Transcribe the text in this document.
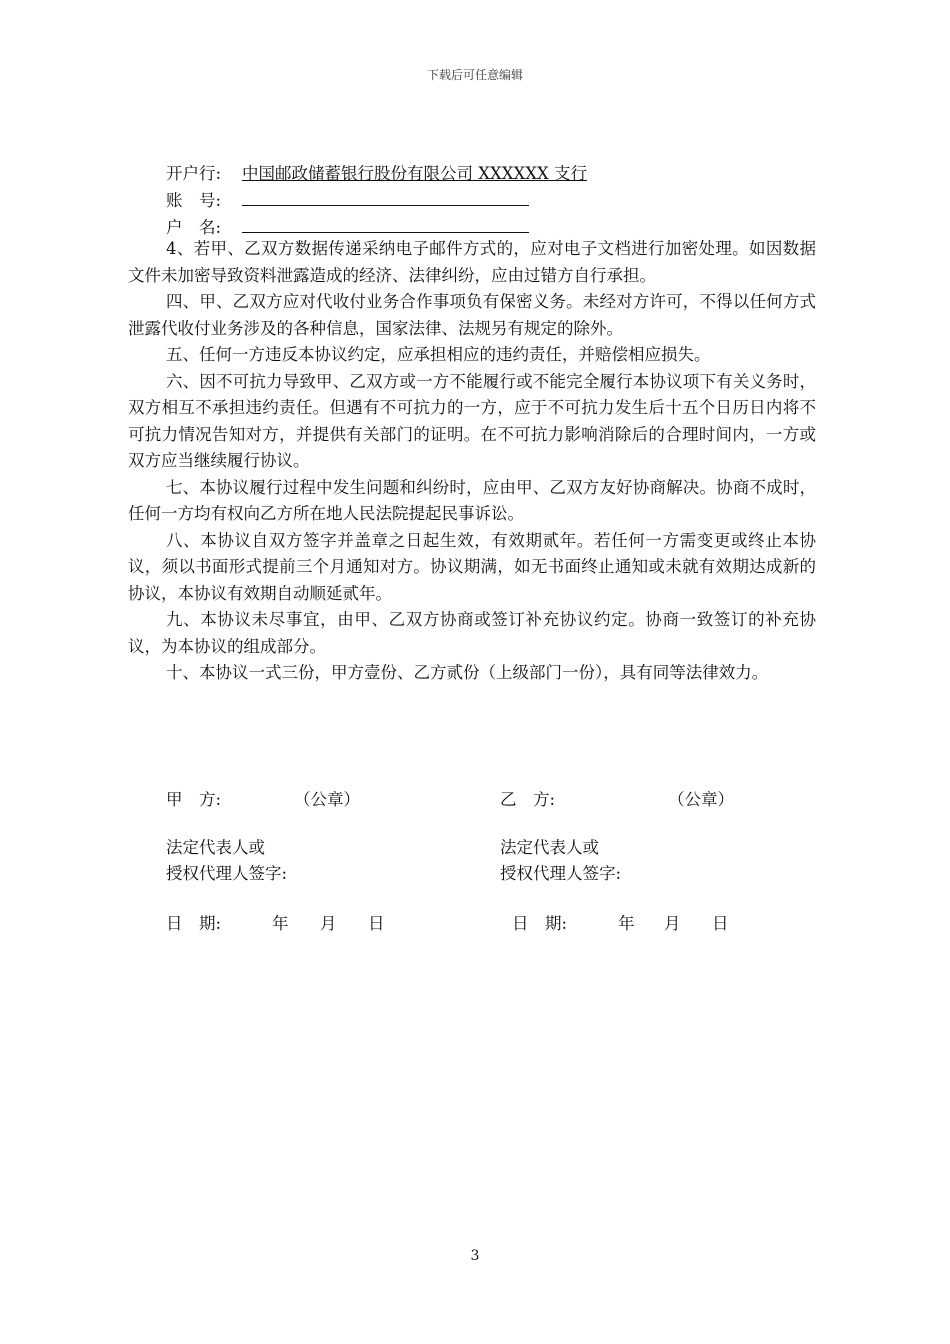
下载后可任意编辑
开户行: 中国邮政储蓄银行股份有限公司 XXXXXX 支行
账　号:
户　名:

4、若甲、乙双方数据传递采纳电子邮件方式的，应对电子文档进行加密处理。如因数据文件未加密导致资料泄露造成的经济、法律纠纷，应由过错方自行承担。

四、甲、乙双方应对代收付业务合作事项负有保密义务。未经对方许可，不得以任何方式泄露代收付业务涉及的各种信息，国家法律、法规另有规定的除外。

五、任何一方违反本协议约定，应承担相应的违约责任，并赔偿相应损失。

六、因不可抗力导致甲、乙双方或一方不能履行或不能完全履行本协议项下有关义务时，双方相互不承担违约责任。但遇有不可抗力的一方，应于不可抗力发生后十五个日历日内将不可抗力情况告知对方，并提供有关部门的证明。在不可抗力影响消除后的合理时间内，一方或双方应当继续履行协议。

七、本协议履行过程中发生问题和纠纷时，应由甲、乙双方友好协商解决。协商不成时，任何一方均有权向乙方所在地人民法院提起民事诉讼。

八、本协议自双方签字并盖章之日起生效，有效期贰年。若任何一方需变更或终止本协议，须以书面形式提前三个月通知对方。协议期满，如无书面终止通知或未就有效期达成新的协议，本协议有效期自动顺延贰年。

九、本协议未尽事宜，由甲、乙双方协商或签订补充协议约定。协商一致签订的补充协议，为本协议的组成部分。

十、本协议一式三份，甲方壹份、乙方贰份（上级部门一份），具有同等法律效力。

甲　方:	（公章）
法定代表人或
授权代理人签字:
日　期:	年 月 日
乙　方:	（公章）
法定代表人或
授权代理人签字:
日　期:	年 月 日
3
